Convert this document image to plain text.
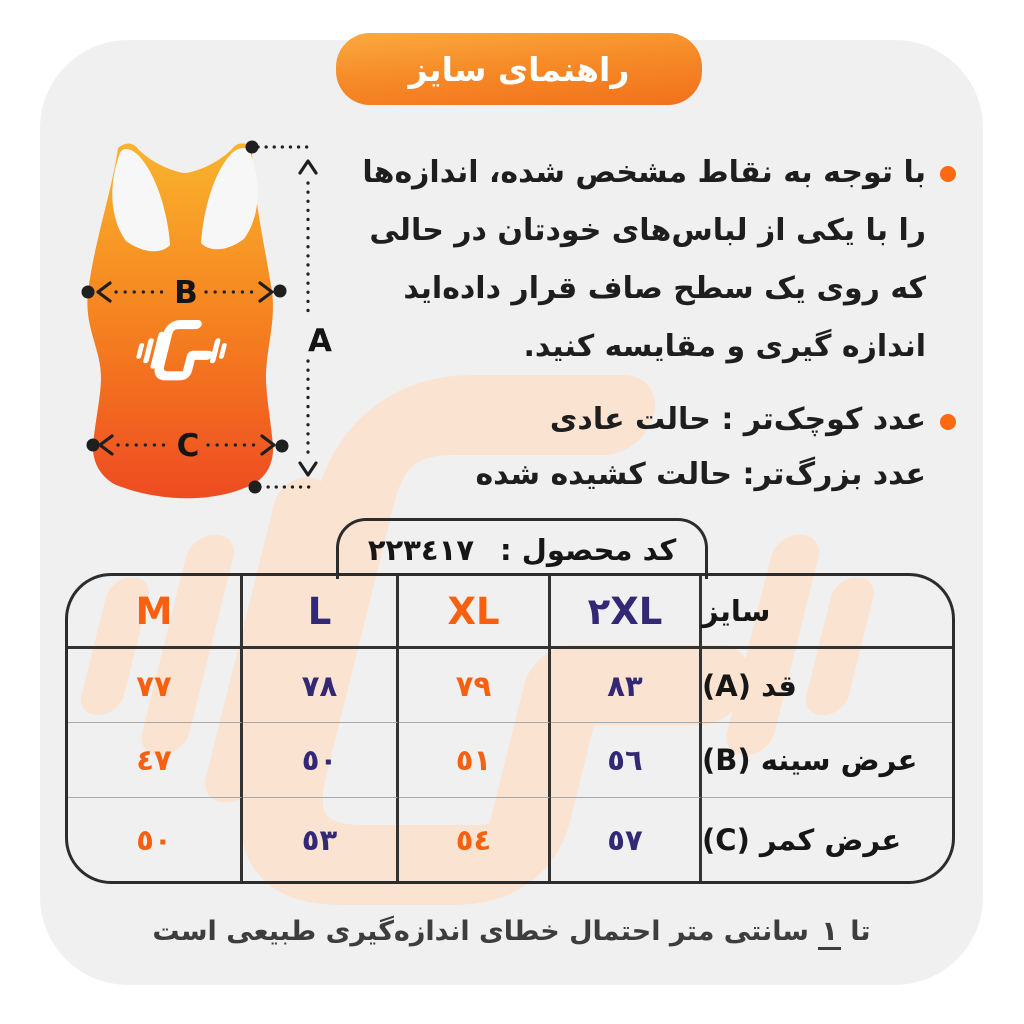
راهنمای سایز
A
B
C
با توجه به نقاط مشخص شده، اندازه‌ها
را با یکی از لباس‌های خودتان در حالی
که روی یک سطح صاف قرار داده‌اید
اندازه گیری و مقایسه کنید.
عدد کوچک‌تر : حالت عادی
عدد بزرگ‌تر: حالت کشیده شده
کد محصول :
٢٢٣٤١٧
M	L	XL	٢XL	سایز
٧٧	٧٨	٧٩	٨٣	قد (A)
٤٧	٥٠	٥١	٥٦	عرض سینه (B)
٥٠	٥٣	٥٤	٥٧	عرض کمر (C)
تا ١ سانتی متر احتمال خطای اندازه‌گیری طبیعی است
